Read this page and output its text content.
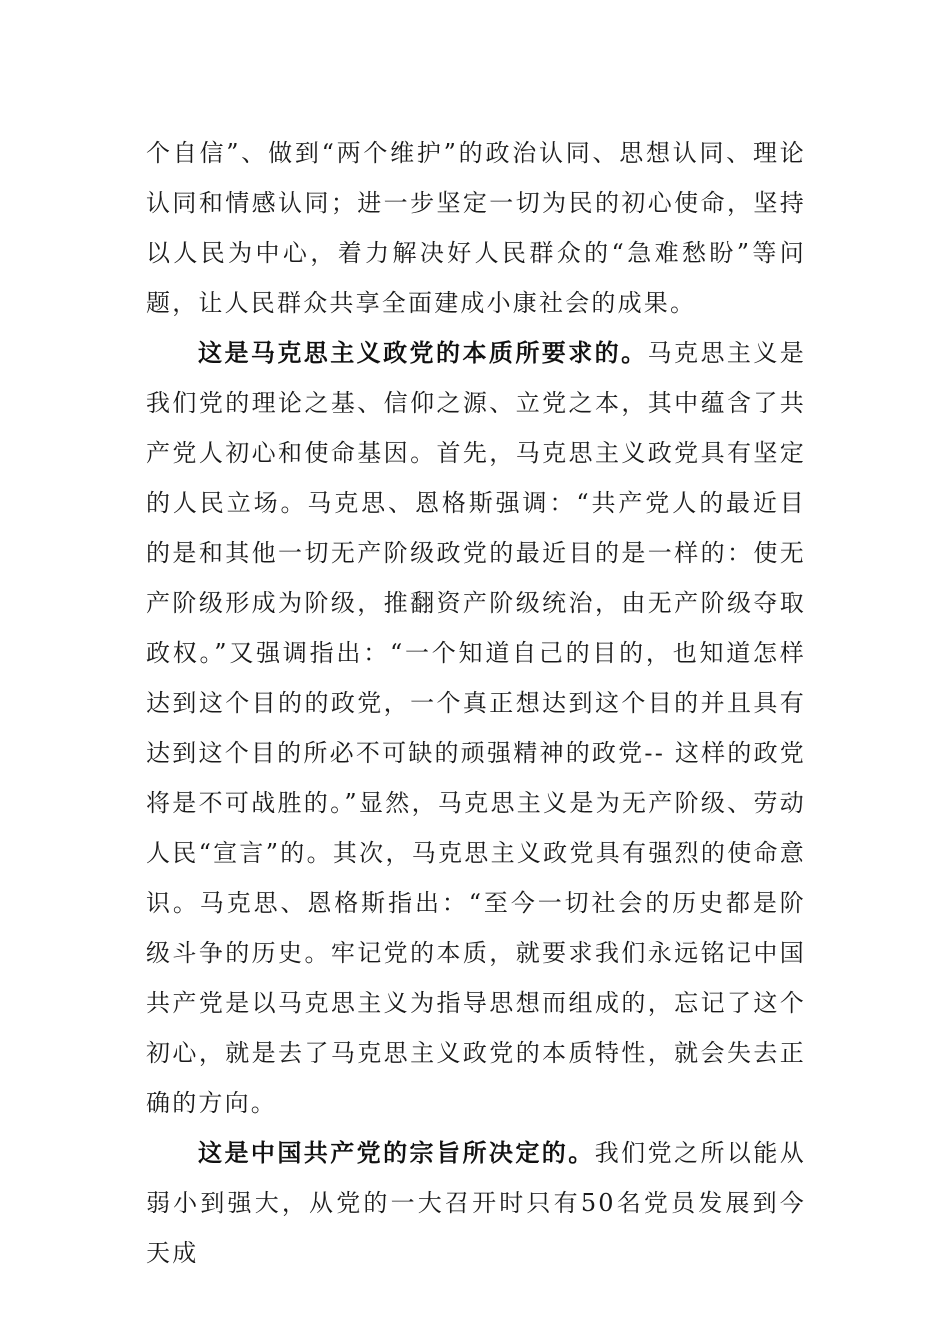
个自信”、做到“两个维护”的政治认同、思想认同、理论认同和情感认同；进一步坚定一切为民的初心使命，坚持以人民为中心，着力解决好人民群众的“急难愁盼”等问题，让人民群众共享全面建成小康社会的成果。

这是马克思主义政党的本质所要求的。马克思主义是我们党的理论之基、信仰之源、立党之本，其中蕴含了共产党人初心和使命基因。首先，马克思主义政党具有坚定的人民立场。马克思、恩格斯强调：“共产党人的最近目的是和其他一切无产阶级政党的最近目的是一样的：使无产阶级形成为阶级，推翻资产阶级统治，由无产阶级夺取政权。”又强调指出：“一个知道自己的目的，也知道怎样达到这个目的的政党，一个真正想达到这个目的并且具有达到这个目的所必不可缺的顽强精神的政党-- 这样的政党将是不可战胜的。”显然，马克思主义是为无产阶级、劳动人民“宣言”的。其次，马克思主义政党具有强烈的使命意识。马克思、恩格斯指出：“至今一切社会的历史都是阶级斗争的历史。牢记党的本质，就要求我们永远铭记中国共产党是以马克思主义为指导思想而组成的，忘记了这个初心，就是去了马克思主义政党的本质特性，就会失去正确的方向。

这是中国共产党的宗旨所决定的。我们党之所以能从弱小到强大，从党的一大召开时只有50名党员发展到今天成
